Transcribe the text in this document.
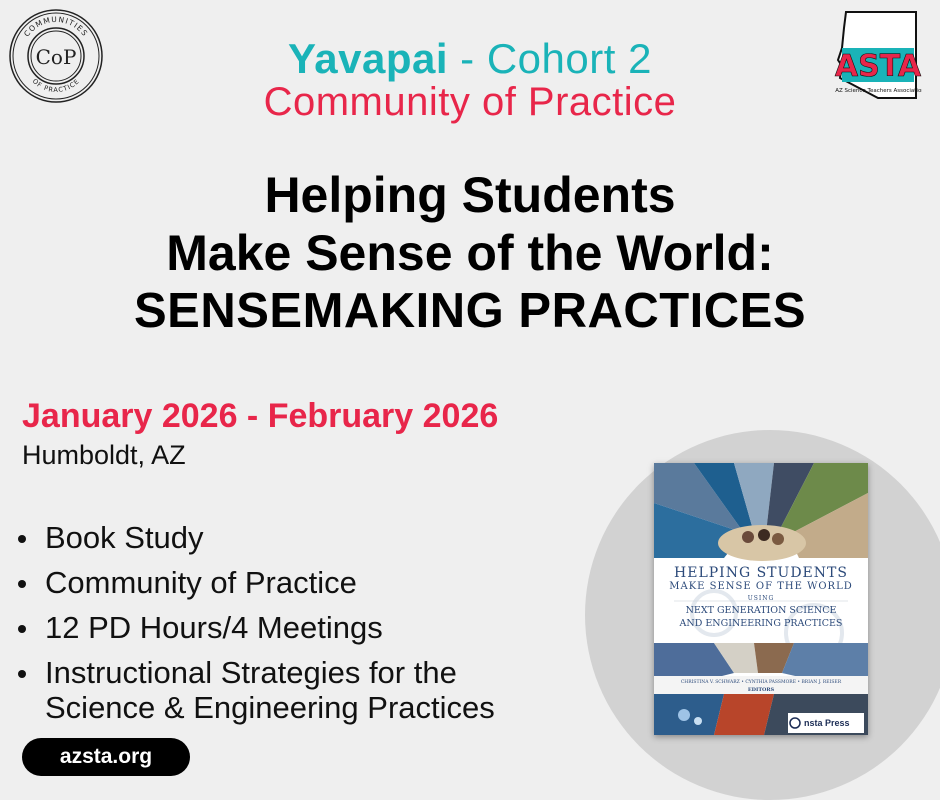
COMMUNITIES
OF PRACTICE
CoP	ASTA
AZ Science Teachers Association
Yavapai - Cohort 2
Community of Practice
Helping Students
Make Sense of the World:
SENSEMAKING PRACTICES
January 2026 - February 2026
Humboldt, AZ
Book Study
Community of Practice
12 PD Hours/4 Meetings
Instructional Strategies for the
Science & Engineering Practices
azsta.org
HELPING STUDENTS
MAKE SENSE OF THE WORLD
USING
NEXT GENERATION SCIENCE
AND ENGINEERING PRACTICES
CHRISTINA V. SCHWARZ • CYNTHIA PASSMORE • BRIAN J. REISER
EDITORS
nsta Press
